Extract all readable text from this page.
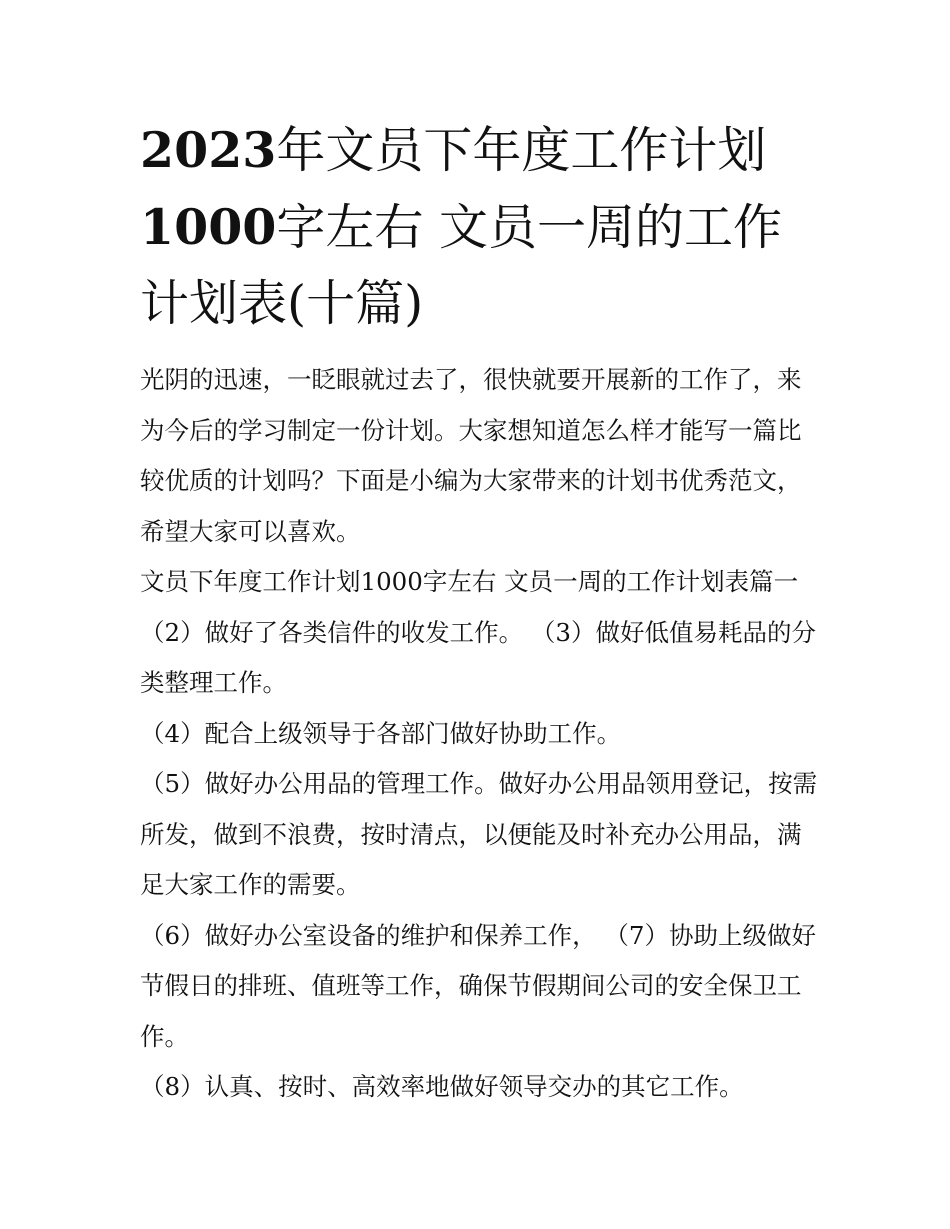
2023年文员下年度工作计划
1000字左右 文员一周的工作
计划表(十篇)

光阴的迅速，一眨眼就过去了，很快就要开展新的工作了，来为今后的学习制定一份计划。大家想知道怎么样才能写一篇比较优质的计划吗？下面是小编为大家带来的计划书优秀范文，希望大家可以喜欢。

文员下年度工作计划1000字左右 文员一周的工作计划表篇一

（2）做好了各类信件的收发工作。 （3）做好低值易耗品的分类整理工作。

（4）配合上级领导于各部门做好协助工作。

（5）做好办公用品的管理工作。做好办公用品领用登记，按需所发，做到不浪费，按时清点，以便能及时补充办公用品，满足大家工作的需要。

（6）做好办公室设备的维护和保养工作， （7）协助上级做好节假日的排班、值班等工作，确保节假期间公司的安全保卫工作。

（8）认真、按时、高效率地做好领导交办的其它工作。
